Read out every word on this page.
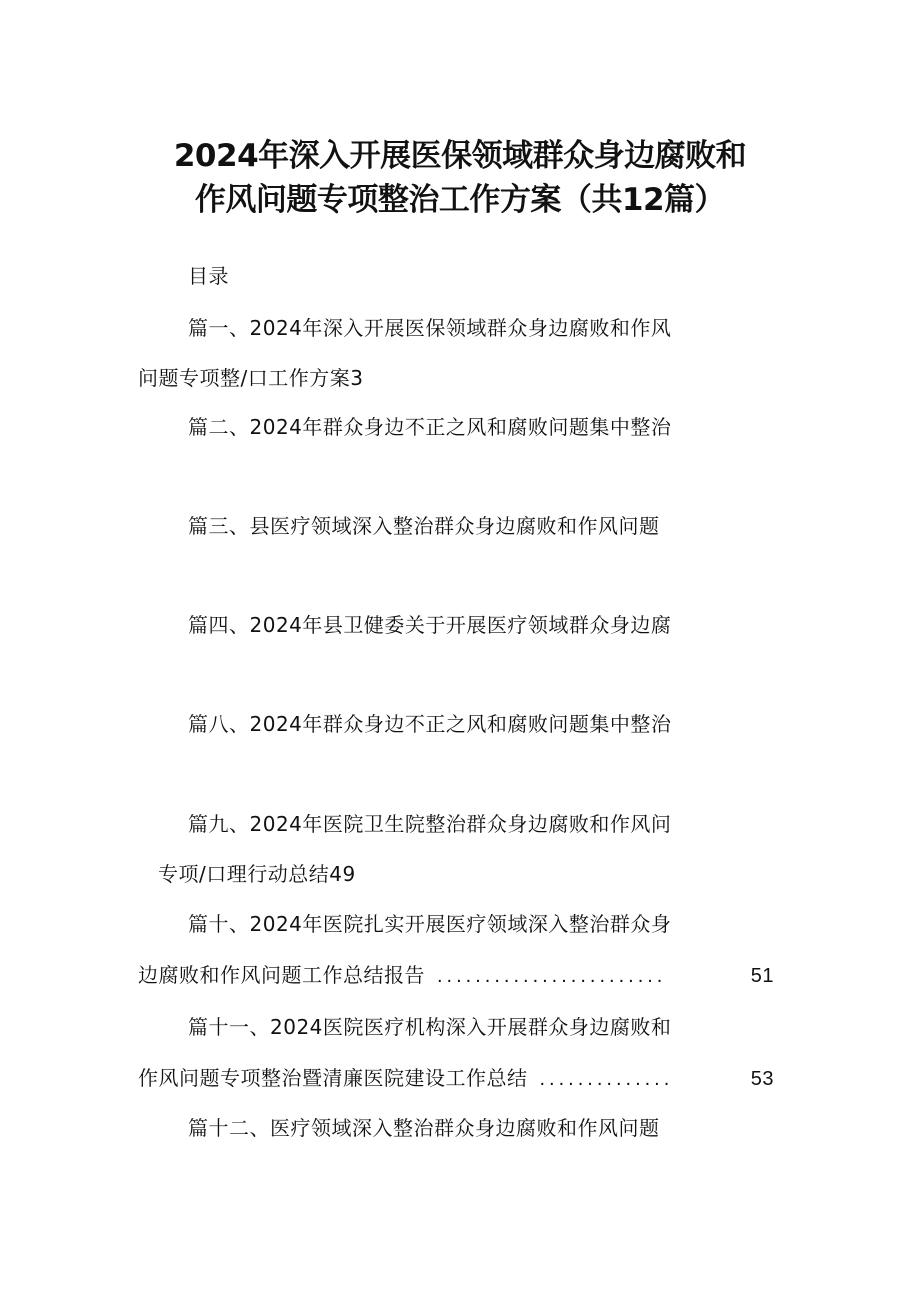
2024年深入开展医保领域群众身边腐败和
作风问题专项整治工作方案（共12篇）
目录
篇一、2024年深入开展医保领域群众身边腐败和作风
问题专项整/口工作方案3
篇二、2024年群众身边不正之风和腐败问题集中整治
篇三、县医疗领域深入整治群众身边腐败和作风问题
篇四、2024年县卫健委关于开展医疗领域群众身边腐
篇八、2024年群众身边不正之风和腐败问题集中整治
篇九、2024年医院卫生院整治群众身边腐败和作风问
专项/口理行动总结49
篇十、2024年医院扎实开展医疗领域深入整治群众身
边腐败和作风问题工作总结报告 ........................	51
篇十一、2024医院医疗机构深入开展群众身边腐败和
作风问题专项整治暨清廉医院建设工作总结 ..............	53
篇十二、医疗领域深入整治群众身边腐败和作风问题
